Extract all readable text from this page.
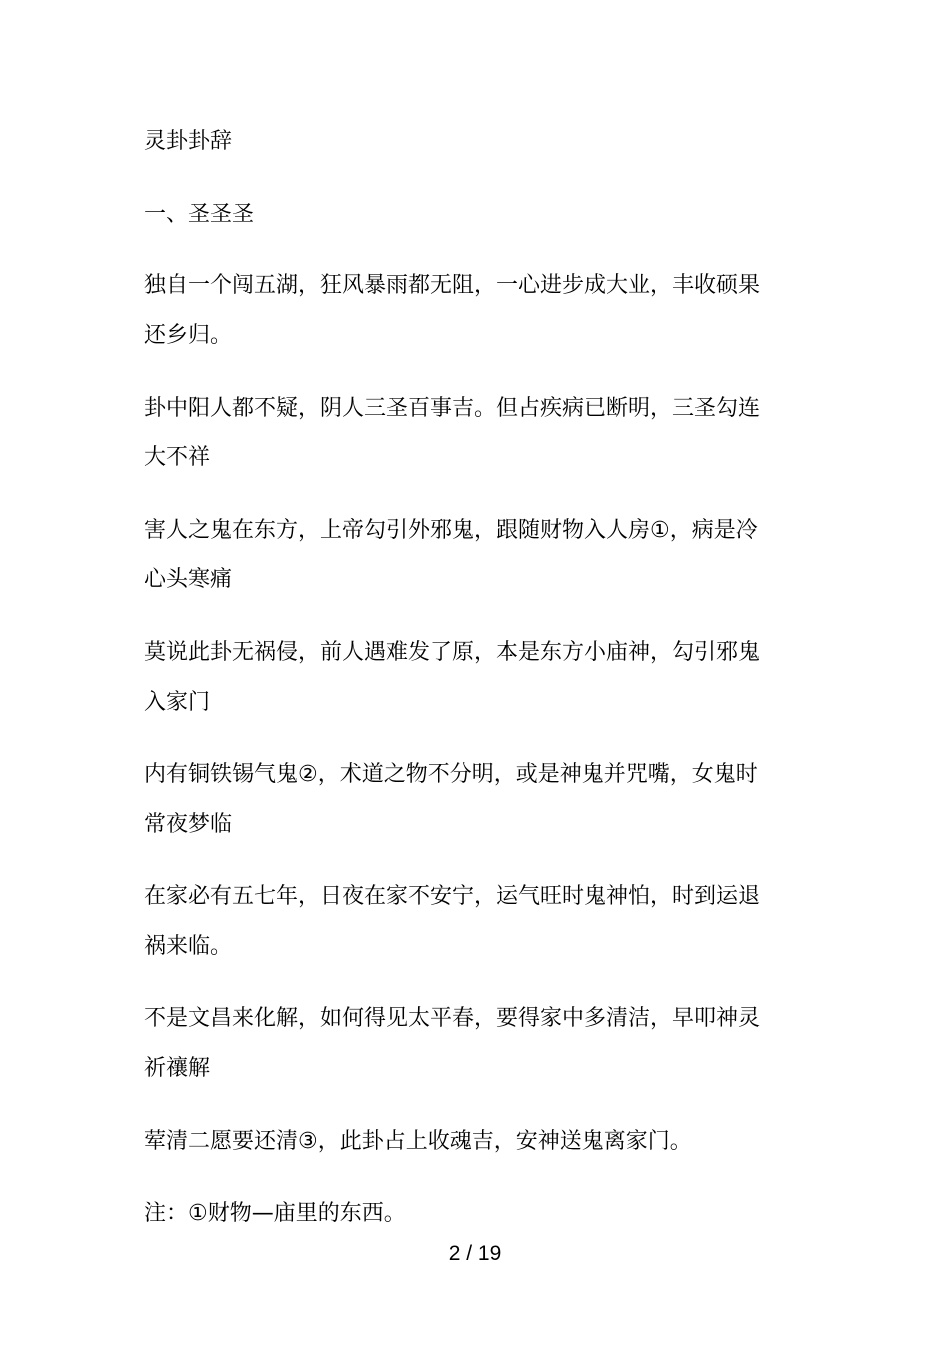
灵卦卦辞
一、圣圣圣
独自一个闯五湖，狂风暴雨都无阻，一心进步成大业，丰收硕果
还乡归。
卦中阳人都不疑，阴人三圣百事吉。但占疾病已断明，三圣勾连
大不祥
害人之鬼在东方，上帝勾引外邪鬼，跟随财物入人房①，病是冷
心头寒痛
莫说此卦无祸侵，前人遇难发了原，本是东方小庙神，勾引邪鬼
入家门
内有铜铁锡气鬼②，术道之物不分明，或是神鬼并咒嘴，女鬼时
常夜梦临
在家必有五七年，日夜在家不安宁，运气旺时鬼神怕，时到运退
祸来临。
不是文昌来化解，如何得见太平春，要得家中多清洁，早叩神灵
祈禳解
荤清二愿要还清③，此卦占上收魂吉，安神送鬼离家门。
注：①财物—庙里的东西。
2 / 19
